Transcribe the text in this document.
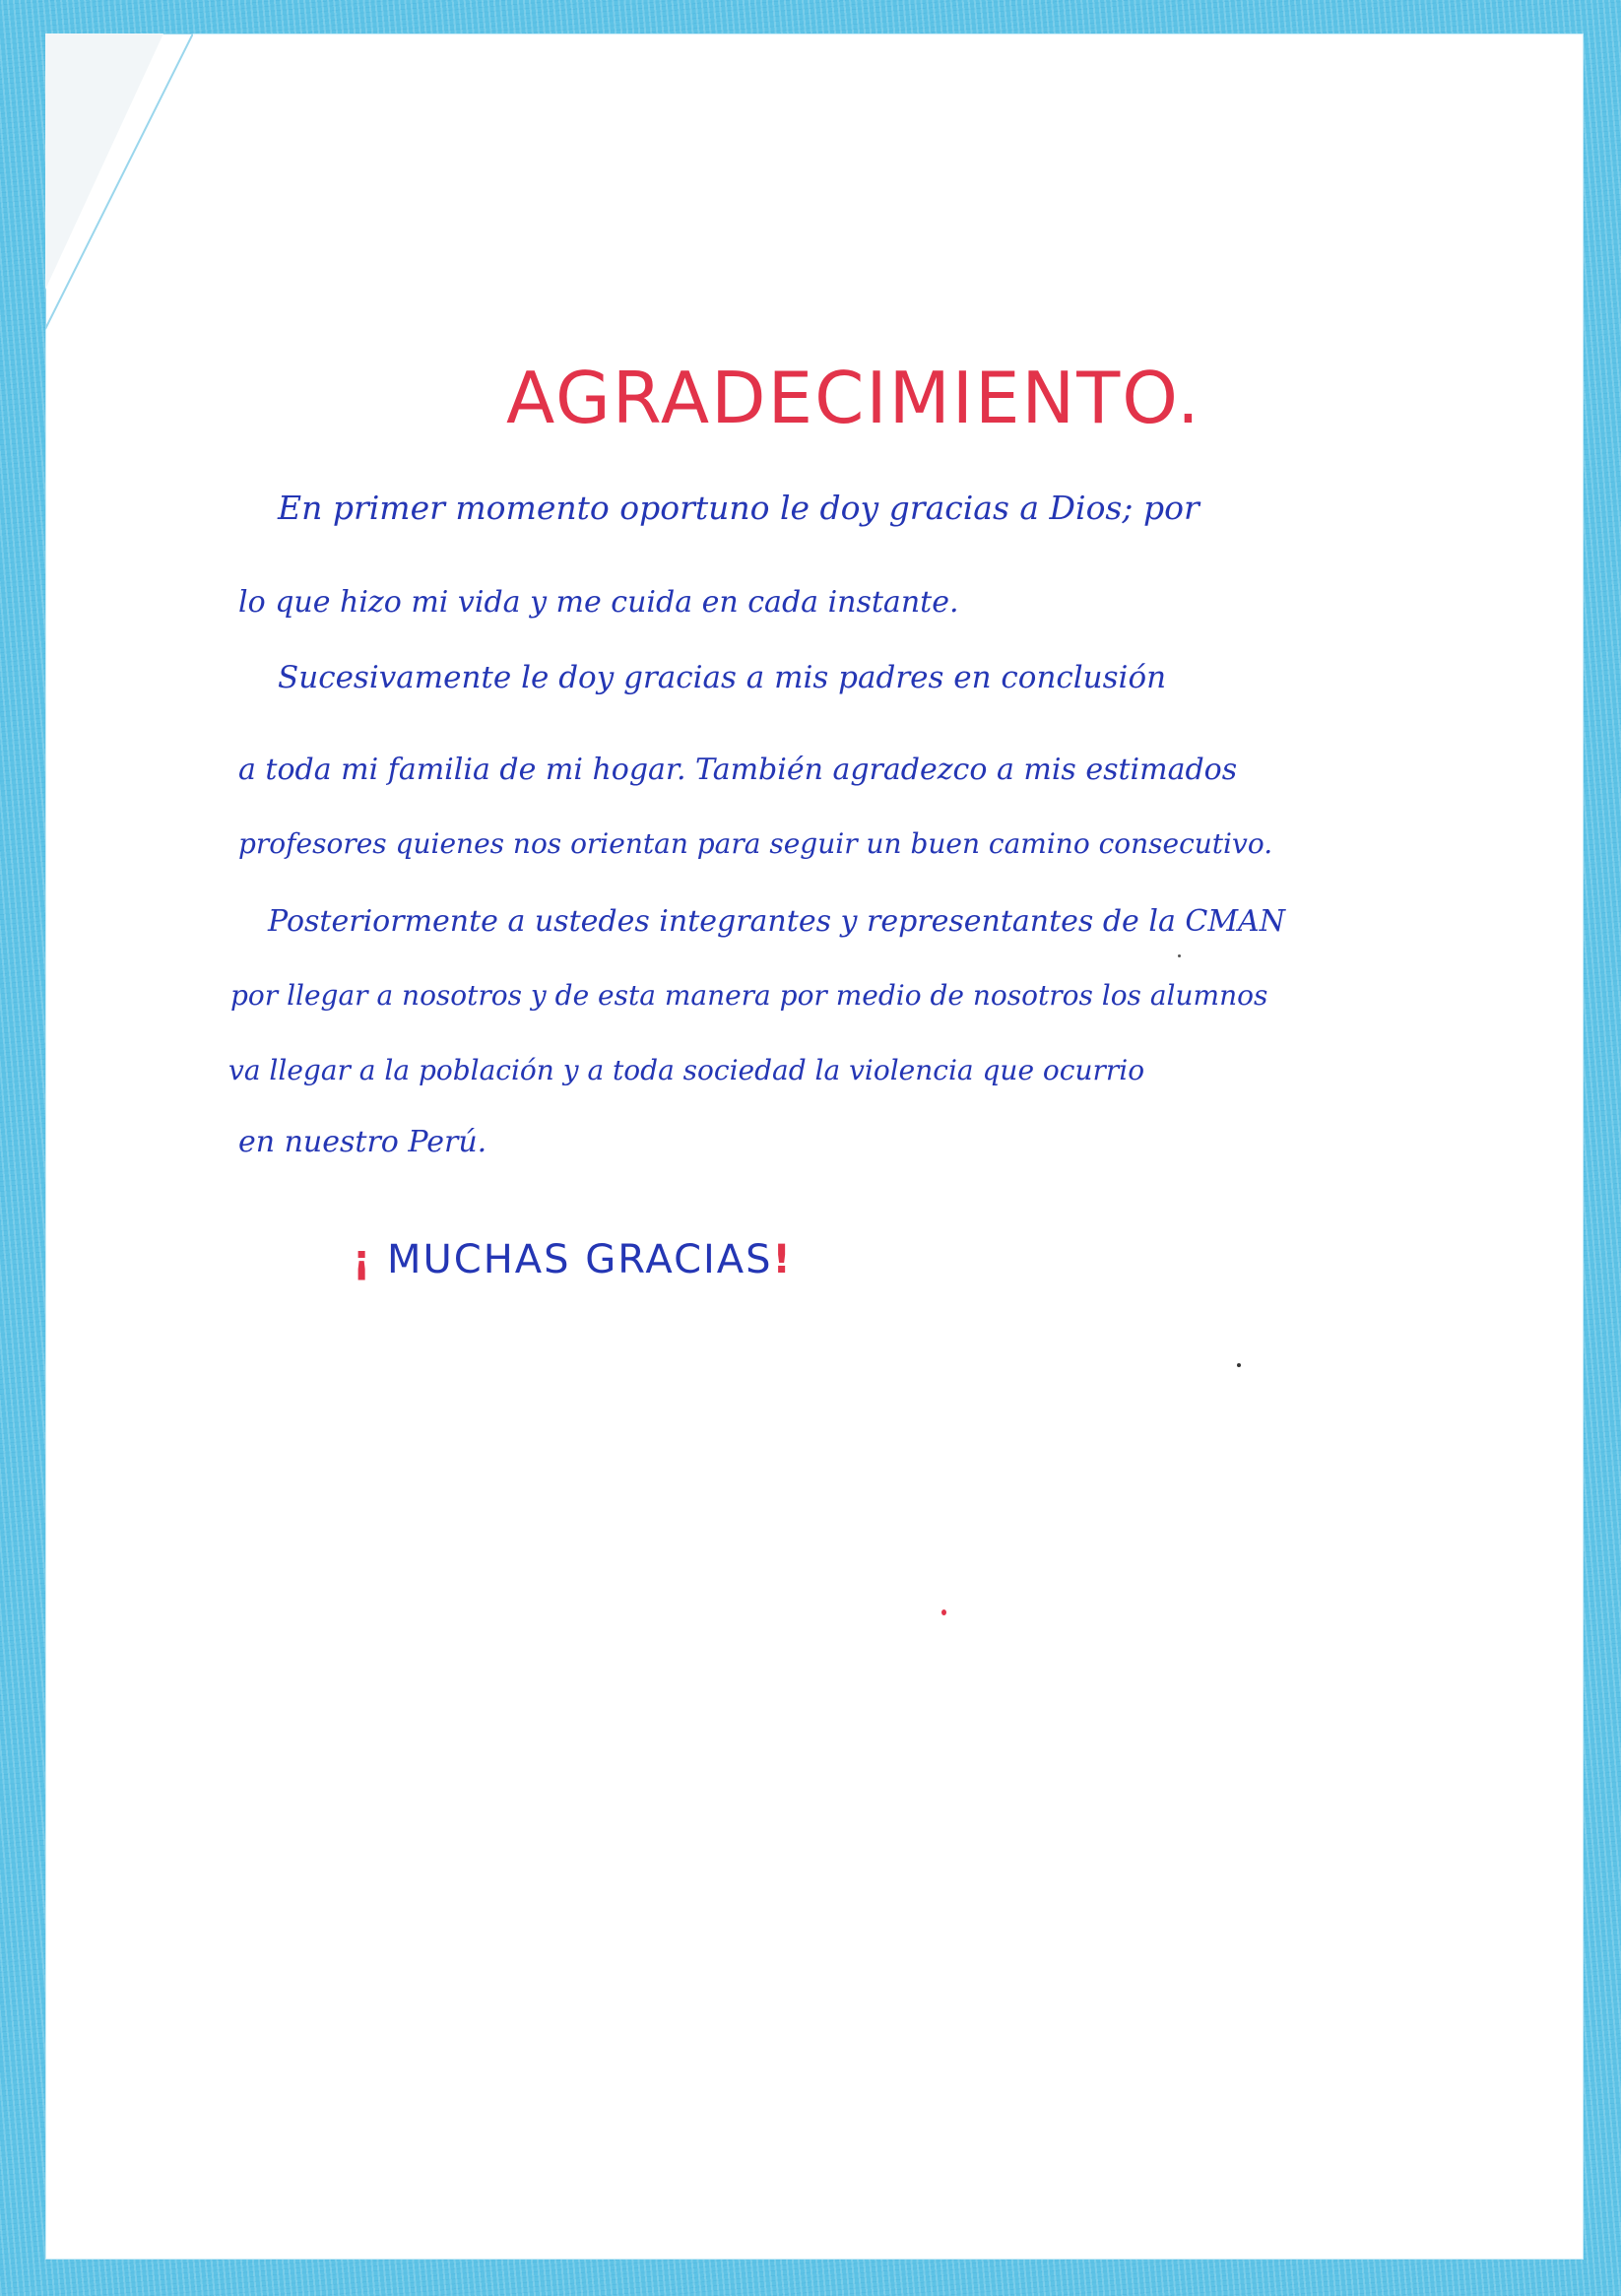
AGRADECIMIENTO.

En primer momento oportuno le doy gracias a Dios; por

lo que hizo mi vida y me cuida en cada instante.

Sucesivamente le doy gracias a mis padres en conclusión

a toda mi familia de mi hogar. También agradezco a mis estimados

profesores quienes nos orientan para seguir un buen camino consecutivo.

Posteriormente a ustedes integrantes y representantes de la CMAN

por llegar a nosotros y de esta manera por medio de nosotros los alumnos

va llegar a la población y a toda sociedad la violencia que ocurrio

en nuestro Perú.

¡ MUCHAS GRACIAS!
